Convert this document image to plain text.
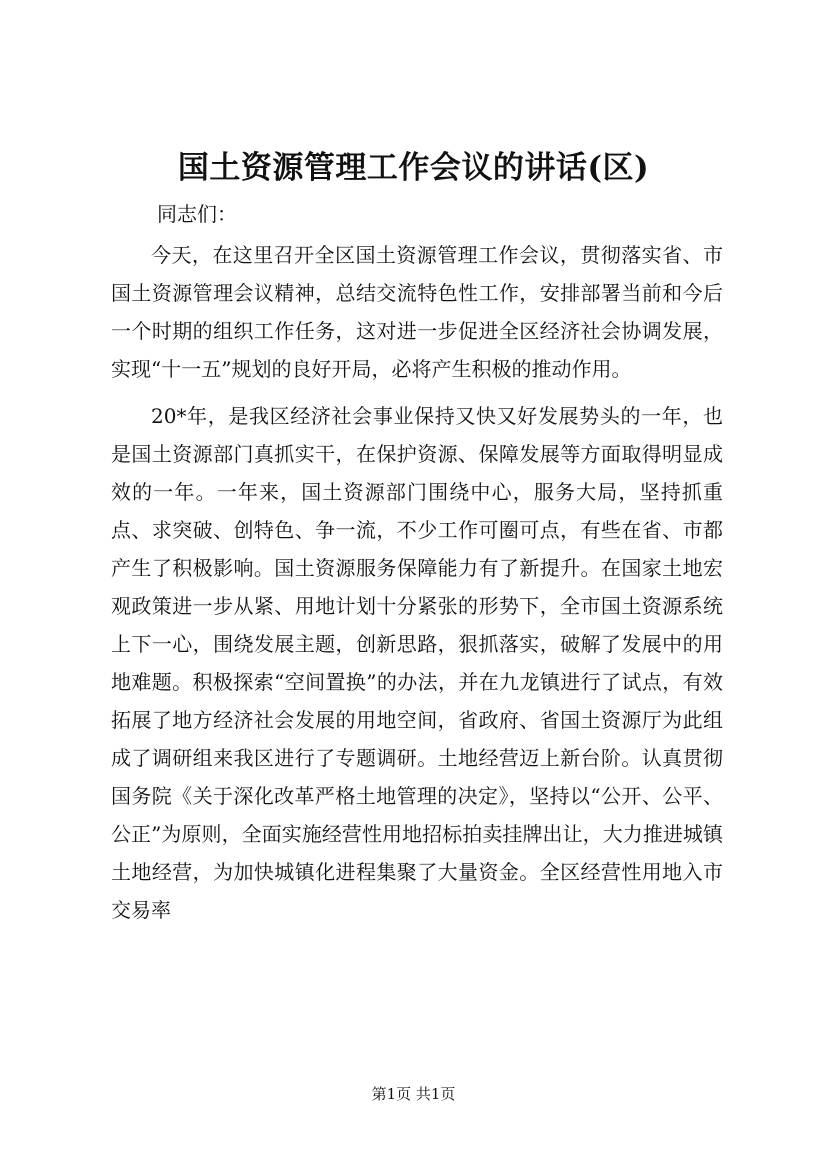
国土资源管理工作会议的讲话(区)

同志们：

今天，在这里召开全区国土资源管理工作会议，贯彻落实省、市国土资源管理会议精神，总结交流特色性工作，安排部署当前和今后一个时期的组织工作任务，这对进一步促进全区经济社会协调发展，实现“十一五”规划的良好开局，必将产生积极的推动作用。

20*年，是我区经济社会事业保持又快又好发展势头的一年，也是国土资源部门真抓实干，在保护资源、保障发展等方面取得明显成效的一年。一年来，国土资源部门围绕中心，服务大局，坚持抓重点、求突破、创特色、争一流，不少工作可圈可点，有些在省、市都产生了积极影响。国土资源服务保障能力有了新提升。在国家土地宏观政策进一步从紧、用地计划十分紧张的形势下，全市国土资源系统上下一心，围绕发展主题，创新思路，狠抓落实，破解了发展中的用地难题。积极探索“空间置换”的办法，并在九龙镇进行了试点，有效拓展了地方经济社会发展的用地空间，省政府、省国土资源厅为此组成了调研组来我区进行了专题调研。土地经营迈上新台阶。认真贯彻国务院《关于深化改革严格土地管理的决定》，坚持以“公开、公平、公正”为原则，全面实施经营性用地招标拍卖挂牌出让，大力推进城镇土地经营，为加快城镇化进程集聚了大量资金。全区经营性用地入市交易率

第1页 共1页
